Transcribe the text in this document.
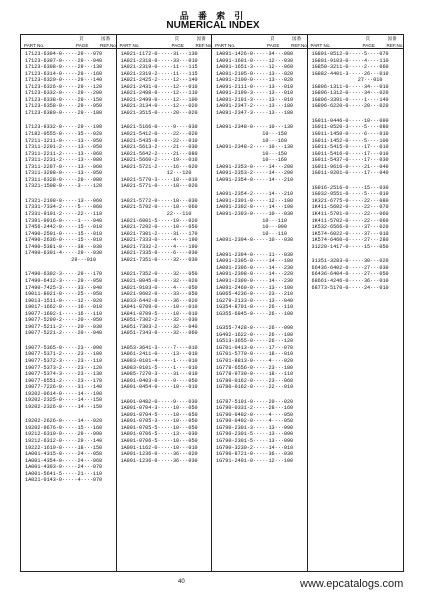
品 番 索 引
NUMERICAL INDEX
PART No.
頁
PAGE
図番
REF.No.
17123-6304-0·····29···070
17123-6307-0·····29···040
17123-6308-0·····29···130
17123-6314-0·····29···160
17123-6320-0·····29···140
17123-6326-0·····29···120
17123-6332-0·····29···200
17123-6338-0·····29···150
17123-6358-0·····29···050
17123-6380-0·····29···180
17123-9332-0·····29···190
17182-0555-0·····35···020
17211-1211-0·····13···050
17311-2201-2·····13···050
17311-2211-2·····13···060
17311-2231-2·····13···080
17311-2297-0·····13···060
17311-3298-0·····13···050
17311-6328-0·····29···080
17321-1508-0·····3····120
17321-2198-0·····13···060
17331-7334-2·····5····060
17331-9101-2·····22···110
17391-9916-0·····1····040
17456-2442-0·····15···010
17490-2501-0·····15···010
17490-2636-0·····15···010
17490-5381-0·····38···030
17490-6301-4·····29···030
29···010
17490-6302-3·····29···170
17490-6412-3·····29···050
17490-7425-3·····33···040
19011-8021-0·····25···050
19013-1511-0·····12···020
19017-1662-0·····16···010
19077-1602-1·····16···110
19077-5209-2·····20···050
19077-5211-2·····20···030
19077-5221-2·····20···040
19077-5365-0·····23···090
19077-5371-2·····23···100
19077-5372-3·····23···110
19077-5373-2·····23···120
19077-5374-3·····23···130
19077-6551-2·····23···170
19077-7226-0·····31···140
19202-0614-0·····14···190
19202-2325-0·····14···150
19202-2326-0·····14···150
19202-2626-0·····14···020
19202-9676-0·····15···160
19212-6310-0·····29···090
19212-6312-0·····29···140
19222-1619-0·····18···150
1A001-4315-0·····24···050
1A001-4354-0·····24···060
1A001-4393-0·····24···070
1A001-5641-5·····21···110
1A021-0143-0·····4····070
PART No.
頁
PAGE
図番
REF.No.
1A021-1172-0·····31···130
1A021-2318-0·····33···010
1A021-2319-0·····11···115
1A021-2319-2·····11···115
1A021-2425-2·····12···140
1A021-2431-0·····12···010
1A021-2498-0·····12···110
1A021-2499-0·····12···100
1A021-3134-0·····12···020
1A021-3515-0·····20···020
1A021-5166-0·····9····030
1A021-5412-0·····22···020
1A021-5435-0·····22···010
1A021-5613-2·····21···030
1A021-5642-2·····21···080
1A021-5660-2·····19···010
1A021-5721-2·····16···020
12···120
1A021-5770-3·····18···010
1A021-5771-0·····18···020
1A021-5772-0·····18···030
1A021-5792-0·····18···060
22···110
1A021-6001-5·····19···020
1A021-7292-0·····10···050
1A021-7301-2·····31···170
1A021-7333-0·····4····190
1A021-7332-2·····4····190
1A021-7335-0·····6····030
1A021-7351-0·····32···030
1A021-7352-0·····32···050
1A021-8045-0·····32···020
1A021-9103-0·····4····050
1A021-9602-0·····33···050
1A033-6442-0·····36···020
1A041-0709-0·····10···010
1A041-0709-5·····10···010
1A051-7302-2·····32···030
1A051-7303-2·····32···040
1A051-7343-0·····32···060
1A053-3641-3·····7····010
1A061-2411-0·····13···010
1A083-0101-4·····1····010
1A083-0101-5·····1····010
1A085-7270-3·····31···010
1A091-0403-0·····9····050
1A091-0454-0·····10···010
1A091-0482-0·····9····030
1A091-0704-3·····10···050
1A091-0704-5·····10···050
1A091-0705-3·····10···050
1A091-0705-5·····10···050
1A091-0706-5·····13···030
1A091-0706-5·····10···050
1A091-1162-0·····10···010
1A091-1236-0·····36···020
1A091-1236-0·····36···030
PART No.
頁
PAGE
図番
REF.No.
1A091-1426-0·····34···080
1A091-1601-0·····12···030
1A091-1651-3·····12···060
1A091-2105-0·····13···020
1A091-2109-0·····13···020
1A091-2111-0·····13···010
1A091-2190-3·····13···010
1A091-2191-3·····13···010
1A091-2347-2·····13···180
1A091-2347-3·····13···180
1A091-2348-0·····10···130
10···150
10···160
1A091-2348-2·····10···130
10···150
10···160
1A091-2353-0·····14···200
1A091-2353-2·····14···200
1A091-2354-0·····14···210
1A091-2354-2·····14···210
1A091-2391-0·····12···180
1A091-2392-0·····14···190
1A091-2393-0·····10···030
10···110
10···090
10···110
1A091-2394-0·····10···030
1A091-2394-0·····11···030
1A091-2395-0·····14···180
1A091-2396-0·····14···230
1A091-2398-0·····14···220
1A091-2399-0·····14···230
1A091-2460-0·····13···100
1G065-4236-0·····23···210
1G279-2133-0·····13···040
1G354-8701-0·····26···110
1G355-6845-0·····26···100
1G355-7428-0·····26···090
1G492-1622-0·····26···100
1G513-3655-0·····26···120
1G701-0413-0·····17···070
1G701-5770-0·····18···010
1G701-8813-0·····4····020
1G778-6556-0·····23···180
1G778-9730-0·····18···110
1G780-0162-0·····23···060
1G780-0162-0·····22···010
1G787-5101-0·····20···020
1G790-0331-2·····28···160
1G790-0402-0·····4····050
1G790-0402-0·····4····050
1G790-2301-3·····13···090
1G790-2301-5·····13···090
1G790-2301-5·····13···090
1G790-3230-2·····14···010
1G790-8721-0·····36···030
1G791-2401-0·····12···100
PART No.
頁
PAGE
図番
REF.No.
1G801-0512-0·····5····070
1G801-9103-0·····4····110
1G850-3211-0·····2····060
1G882-4401-3·····26···010
27···010
1G896-1311-0·····34···010
1G896-1312-0·····34···020
1G896-3391-0·····1····140
1G896-6220-0·····20···020
1G911-0446-0·····10···090
1G911-0520-3·····5····080
1G911-1450-0·····6····010
1G911-1452-0·····5····100
1G911-5415-0·····17···010
1G911-5416-0·····17···010
1G911-5437-0·····17···030
1G911-9616-0·····21···040
1G911-9201-0·····17···040
1G916-2516-0·····15···030
1G932-9551-0·····5····010
1K321-6775-0·····22···080
1K411-5602-0·····22···070
1K411-5701-0·····22···060
1K411-5702-0·····22···060
1K532-6566-0·····37···020
1K574-6022-0·····37···010
1K574-6460-0·····27···280
31220-1417-0·····15···050
31351-3283-0·····30···020
66436-6402-0·····27···030
66436-6404-0·····27···050
68661-4246-0·····36···010
68773-5170-0·····24···010
40	www.epcatalogs.com
